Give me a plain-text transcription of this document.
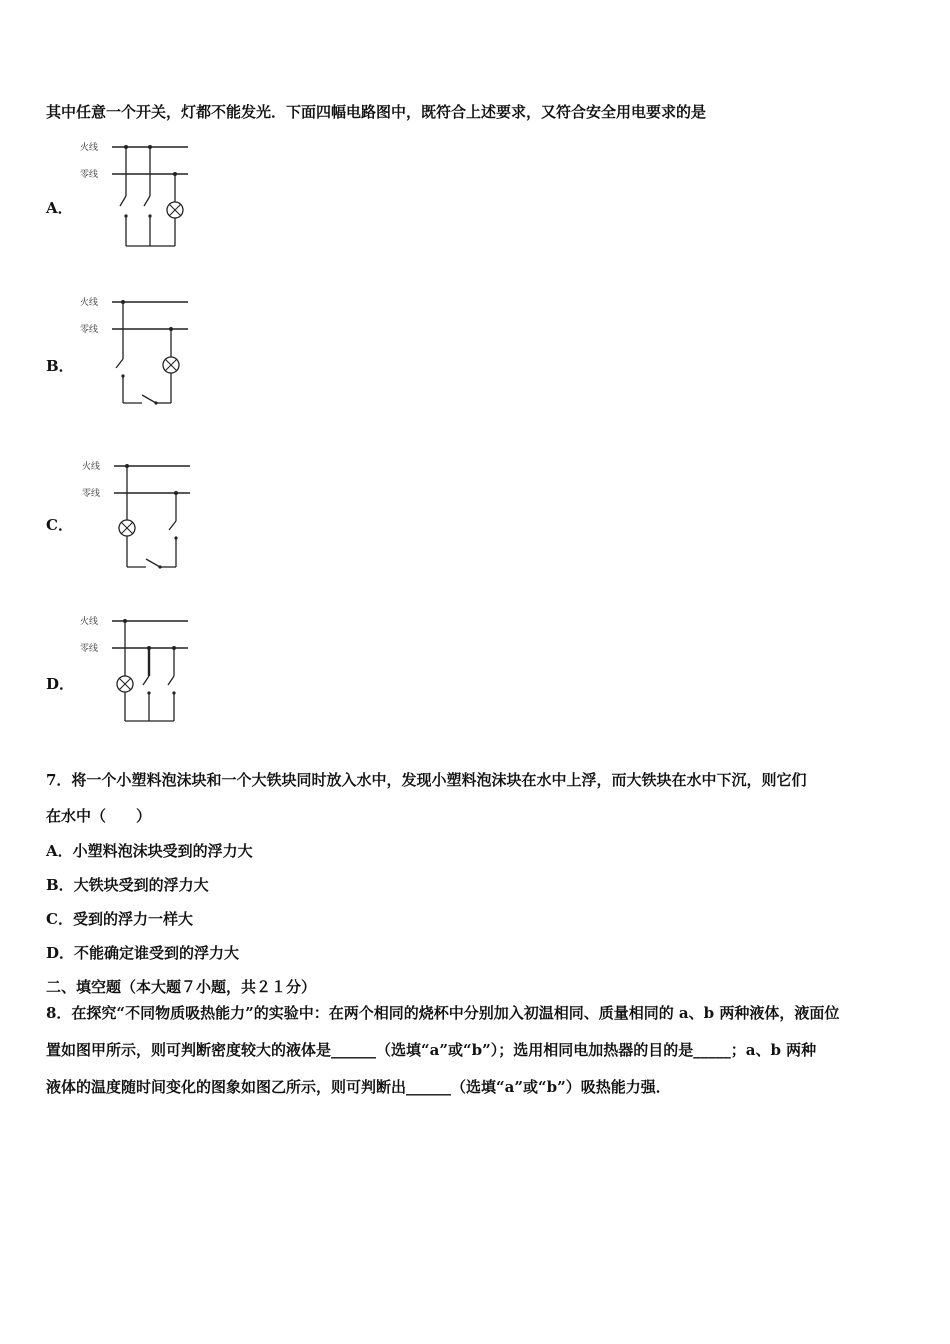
其中任意一个开关，灯都不能发光．下面四幅电路图中，既符合上述要求，又符合安全用电要求的是
A．
火线
零线
B．
火线
零线
C．
火线
零线
D．
火线
零线
7．将一个小塑料泡沫块和一个大铁块同时放入水中，发现小塑料泡沫块在水中上浮，而大铁块在水中下沉，则它们
在水中（　　）
A．小塑料泡沫块受到的浮力大
B．大铁块受到的浮力大
C．受到的浮力一样大
D．不能确定谁受到的浮力大
二、填空题（本大题７小题，共２１分）
8．在探究“不同物质吸热能力”的实验中：在两个相同的烧杯中分别加入初温相同、质量相同的 a、b 两种液体，液面位
置如图甲所示，则可判断密度较大的液体是______（选填“a”或“b”）；选用相同电加热器的目的是_____；a、b 两种
液体的温度随时间变化的图象如图乙所示，则可判断出______（选填“a”或“b”）吸热能力强．
